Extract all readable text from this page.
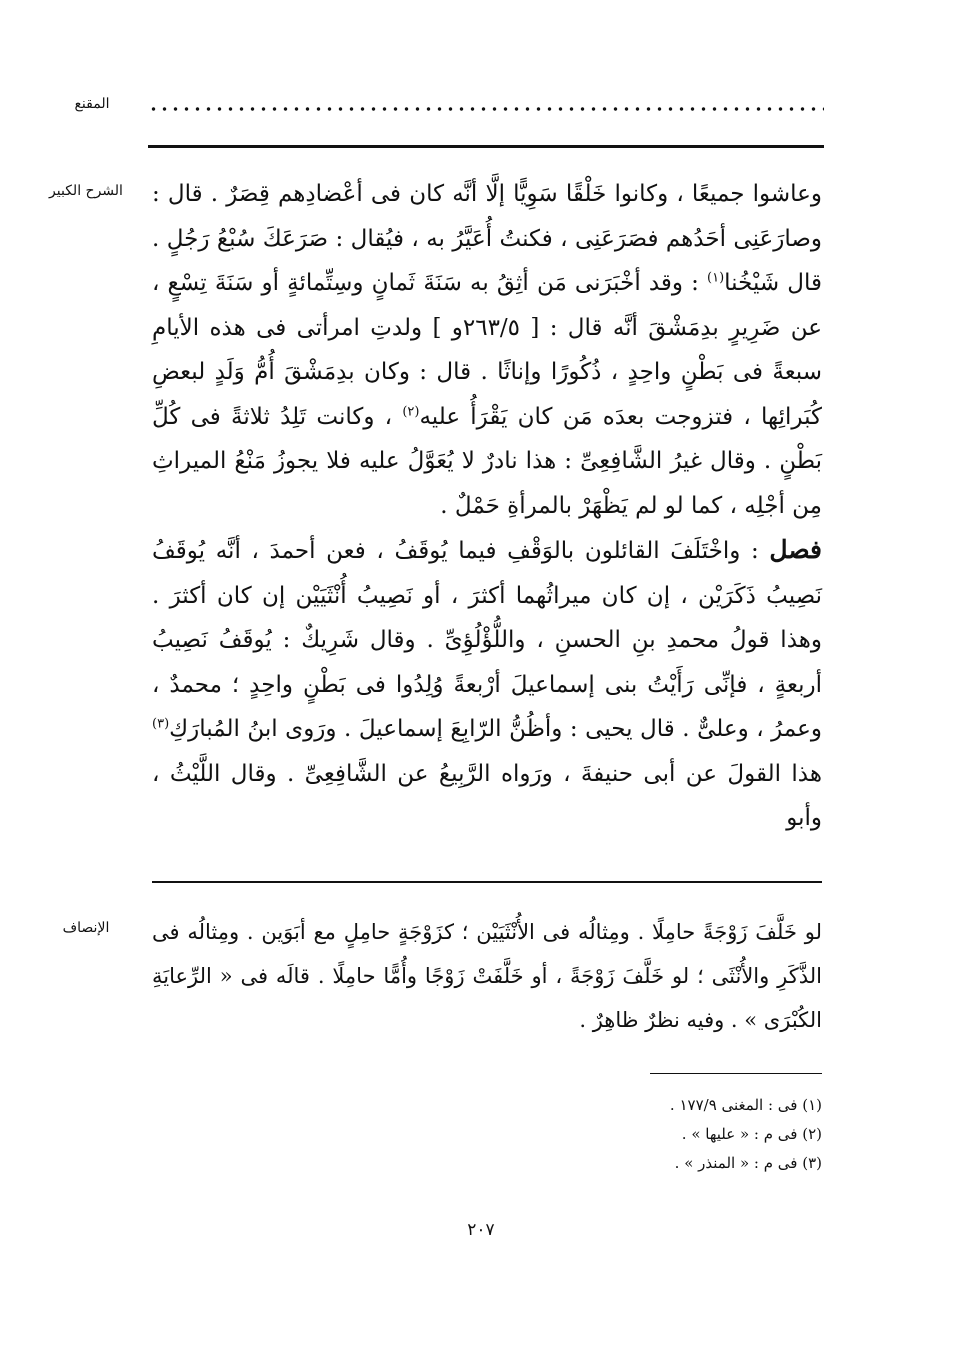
المقنع
الشرح الكبير	وعاشوا جميعًا ، وكانوا خَلْقًا سَوِيًّا إلَّا أنَّه كان فى أعْضادِهم قِصَرٌ . قال : وصارَعَنِى أحَدُهم فصَرَعَنِى ، فكنتُ أُعَيَّرُ به ، فيُقال : صَرَعَكَ سُبْعُ رَجُلٍ . قال شَيْخُنا$^{(١)}$ : وقد أخْبَرَنى مَن أثِقُ به سَنَةَ ثَمانٍ وسِتِّمائةٍ أو سَنَةَ تِسْعٍ ، عن ضَرِيرٍ بدِمَشْقَ أنَّه قال : [ ٢٦٣/٥و ] ولدتِ امرأتى فى هذه الأيامِ سبعةً فى بَطْنٍ واحِدٍ ، ذُكُورًا وإناثًا . قال : وكان بدِمَشْقَ أُمُّ وَلَدٍ لبعضِ كُبَرائِها ، فتزوجت بعدَه مَن كان يَقْرَأُ عليه$^{(٢)}$ ، وكانت تَلِدُ ثلاثةً فى كُلِّ بَطْنٍ . وقال غيرُ الشَّافِعِىِّ : هذا نادرٌ لا يُعَوَّلُ عليه فلا يجوزُ مَنْعُ الميراثِ مِن أجْلِه ، كما لو لم يَظْهَرْ بالمرأةِ حَمْلٌ .

فصل : واخْتَلَفَ القائلون بالوَقْفِ فيما يُوقَفُ ، فعن أحمدَ ، أنَّه يُوقَفُ نَصِيبُ ذَكَرَيْن ، إن كان ميراثُهما أكثرَ ، أو نَصِيبُ أُنْثَيَيْن إن كان أكثرَ . وهذا قولُ محمدِ بنِ الحسنِ ، واللُّؤْلُؤِىِّ . وقال شَرِيكٌ : يُوقَفُ نَصِيبُ أربعةٍ ، فإنِّى رَأَيْتُ بنى إسماعيلَ أرْبعةً وُلِدُوا فى بَطْنٍ واحِدٍ ؛ محمدٌ ، وعمرُ ، وعلىٌّ . قال يحيى : وأظُنُّ الرّابِعَ إسماعيلَ . ورَوى ابنُ المُبارَكِ$^{(٣)}$ هذا القولَ عن أبى حنيفةَ ، ورَواه الرَّبِيعُ عن الشَّافِعِىِّ . وقال اللَّيْثُ ، وأبو

الإنصاف	لو خَلَّفَ زَوْجَةً حامِلًا . ومِثالُه فى الأُنْثَيَيْن ؛ كزَوْجَةٍ حامِلٍ مع أبَوَين . ومِثالُه فى الذَّكَرِ والأُنْثَى ؛ لو خَلَّفَ زَوْجَةً ، أو خَلَّفَتْ زَوْجًا وأُمًّا حامِلًا . قالَه فى « الرِّعايَةِ الكُبْرَى » . وفيه نظرٌ ظاهِرٌ .

(١) فى : المغنى ١٧٧/٩ .
(٢) فى م : « عليها » .
(٣) فى م : « المنذر » .
٢٠٧
